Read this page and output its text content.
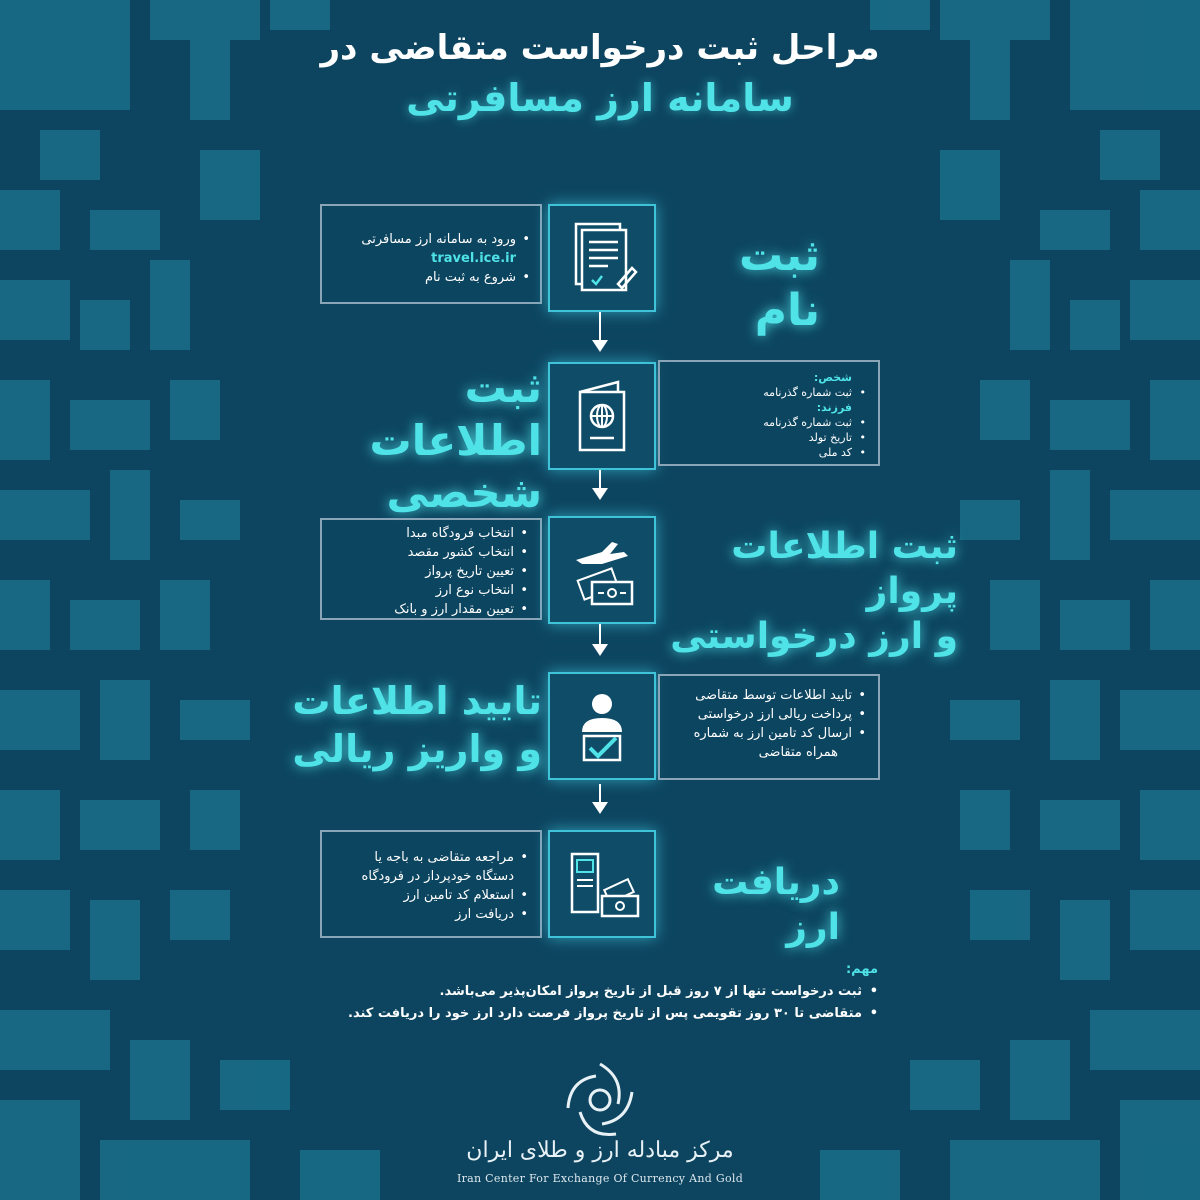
مراحل ثبت درخواست متقاضی در
سامانه ارز مسافرتی
• ورود به سامانه ارز مسافرتی
travel.ice.ir
• شروع به ثبت نام	ثبت نام
ثبت
اطلاعات شخصی
شخص:
• ثبت شماره گذرنامه
فرزند:
• ثبت شماره گذرنامه
• تاریخ تولد
• کد ملی
• انتخاب فرودگاه مبدا
• انتخاب کشور مقصد
• تعیین تاریخ پرواز
• انتخاب نوع ارز
• تعیین مقدار ارز و بانک
ثبت اطلاعات پرواز
و ارز درخواستی
تایید اطلاعات
و واریز ریالی
• تایید اطلاعات توسط متقاضی
• پرداخت ریالی ارز درخواستی
• ارسال کد تامین ارز به شماره
همراه متقاضی
• مراجعه متقاضی به باجه یا
دستگاه خودپرداز در فرودگاه
• استعلام کد تامین ارز
• دریافت ارز
دریافت ارز
مهم:
• ثبت درخواست تنها از ۷ روز قبل از تاریخ پرواز امکان‌پذیر می‌باشد.
• متقاضی تا ۳۰ روز تقویمی پس از تاریخ پرواز فرصت دارد ارز خود را دریافت کند.
مرکز مبادله ارز و طلای ایران
Iran Center For Exchange Of Currency And Gold
